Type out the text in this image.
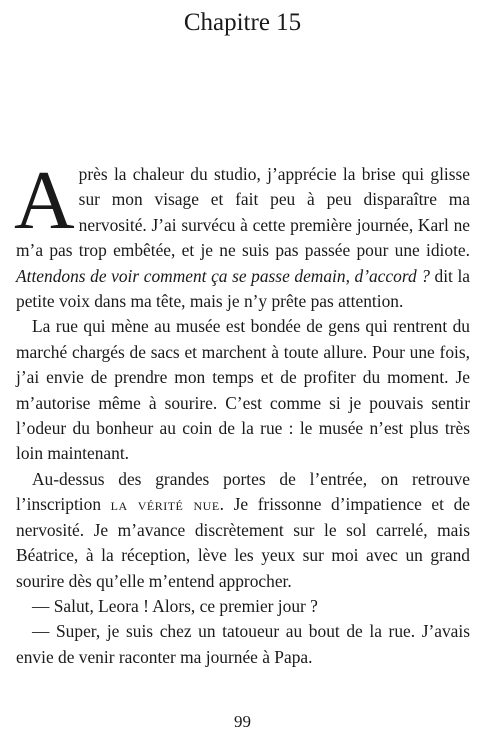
Chapitre 15

Après la chaleur du studio, j’apprécie la brise qui glisse sur mon visage et fait peu à peu disparaître ma nervosité. J’ai survécu à cette première journée, Karl ne m’a pas trop embêtée, et je ne suis pas passée pour une idiote. Attendons de voir comment ça se passe demain, d’accord ? dit la petite voix dans ma tête, mais je n’y prête pas attention.

La rue qui mène au musée est bondée de gens qui rentrent du marché chargés de sacs et marchent à toute allure. Pour une fois, j’ai envie de prendre mon temps et de profiter du moment. Je m’autorise même à sourire. C’est comme si je pouvais sentir l’odeur du bonheur au coin de la rue : le musée n’est plus très loin maintenant.

Au-dessus des grandes portes de l’entrée, on retrouve l’inscription la vérité nue. Je frissonne d’impatience et de nervosité. Je m’avance discrètement sur le sol carrelé, mais Béatrice, à la réception, lève les yeux sur moi avec un grand sourire dès qu’elle m’entend approcher.

— Salut, Leora ! Alors, ce premier jour ?

— Super, je suis chez un tatoueur au bout de la rue. J’avais envie de venir raconter ma journée à Papa.

99
